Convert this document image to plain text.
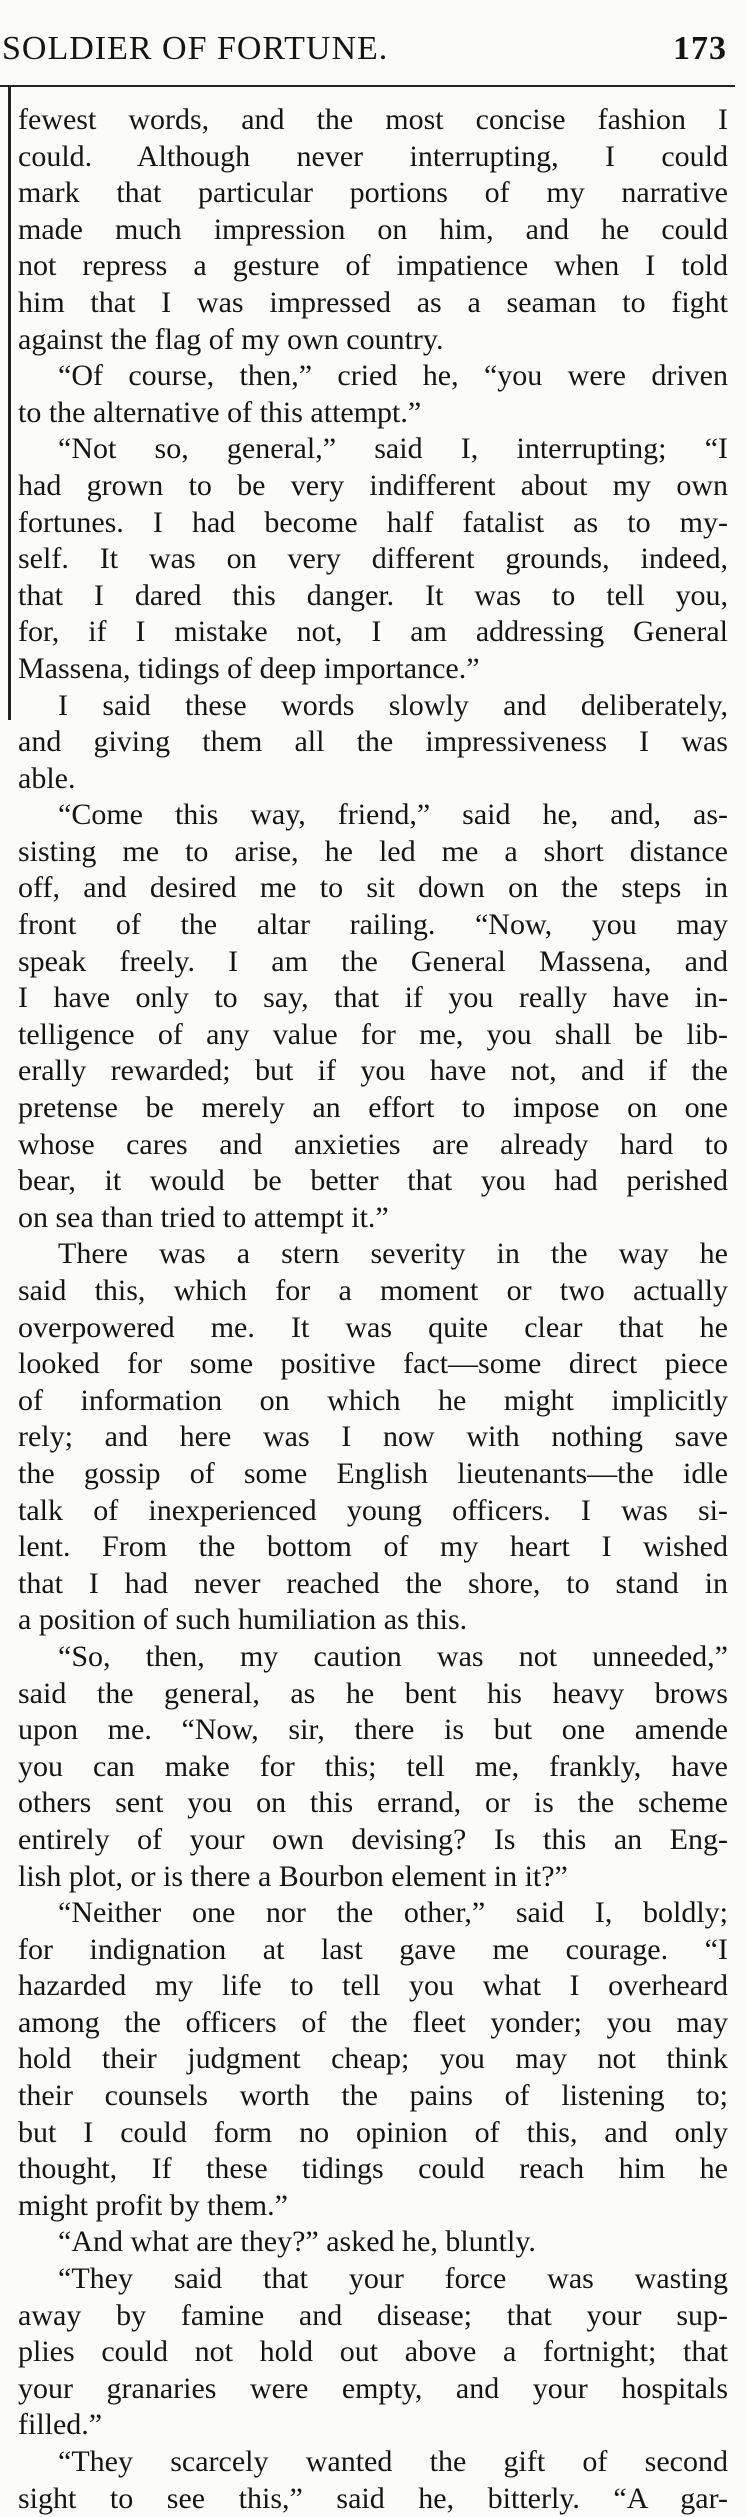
SOLDIER OF FORTUNE.	173
fewest words, and the most concise fashion I
could. Although never interrupting, I could
mark that particular portions of my narrative
made much impression on him, and he could
not repress a gesture of impatience when I told
him that I was impressed as a seaman to fight
against the flag of my own country.
“Of course, then,” cried he, “you were driven
to the alternative of this attempt.”
“Not so, general,” said I, interrupting; “I
had grown to be very indifferent about my own
fortunes. I had become half fatalist as to my-
self. It was on very different grounds, indeed,
that I dared this danger. It was to tell you,
for, if I mistake not, I am addressing General
Massena, tidings of deep importance.”
I said these words slowly and deliberately,
and giving them all the impressiveness I was
able.
“Come this way, friend,” said he, and, as-
sisting me to arise, he led me a short distance
off, and desired me to sit down on the steps in
front of the altar railing. “Now, you may
speak freely. I am the General Massena, and
I have only to say, that if you really have in-
telligence of any value for me, you shall be lib-
erally rewarded; but if you have not, and if the
pretense be merely an effort to impose on one
whose cares and anxieties are already hard to
bear, it would be better that you had perished
on sea than tried to attempt it.”
There was a stern severity in the way he
said this, which for a moment or two actually
overpowered me. It was quite clear that he
looked for some positive fact—some direct piece
of information on which he might implicitly
rely; and here was I now with nothing save
the gossip of some English lieutenants—the idle
talk of inexperienced young officers. I was si-
lent. From the bottom of my heart I wished
that I had never reached the shore, to stand in
a position of such humiliation as this.
“So, then, my caution was not unneeded,”
said the general, as he bent his heavy brows
upon me. “Now, sir, there is but one amende
you can make for this; tell me, frankly, have
others sent you on this errand, or is the scheme
entirely of your own devising? Is this an Eng-
lish plot, or is there a Bourbon element in it?”
“Neither one nor the other,” said I, boldly;
for indignation at last gave me courage. “I
hazarded my life to tell you what I overheard
among the officers of the fleet yonder; you may
hold their judgment cheap; you may not think
their counsels worth the pains of listening to;
but I could form no opinion of this, and only
thought, If these tidings could reach him he
might profit by them.”
“And what are they?” asked he, bluntly.
“They said that your force was wasting
away by famine and disease; that your sup-
plies could not hold out above a fortnight; that
your granaries were empty, and your hospitals
filled.”
“They scarcely wanted the gift of second
sight to see this,” said he, bitterly. “A gar-
